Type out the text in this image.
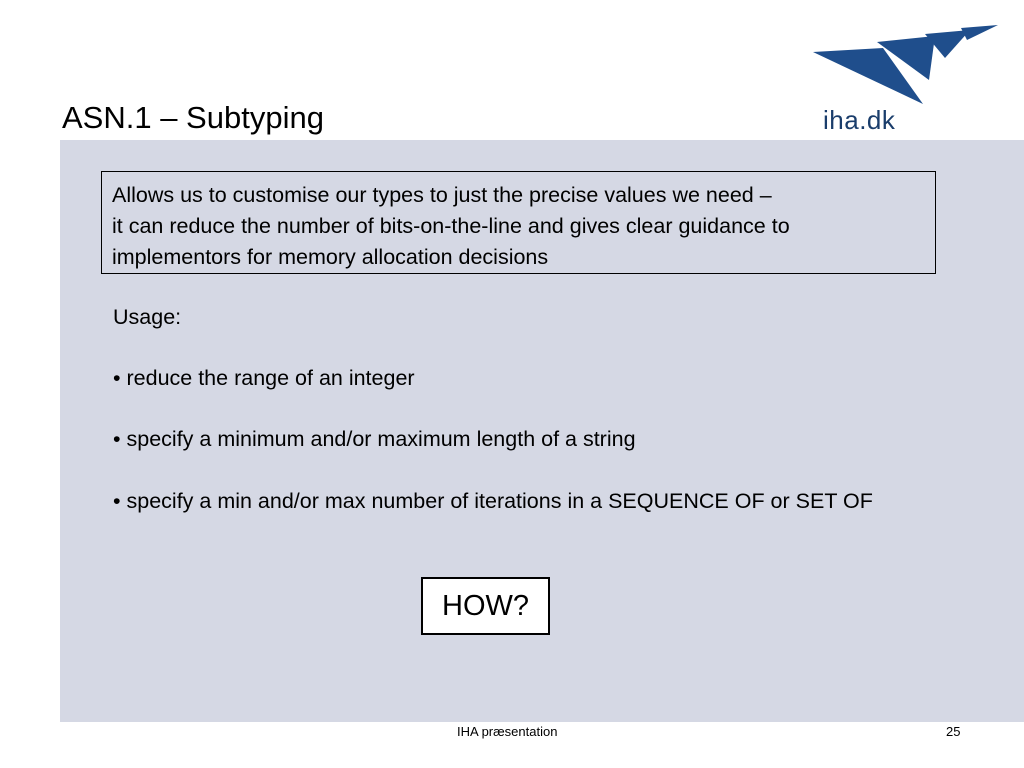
iha.dk
ASN.1 – Subtyping
Allows us to customise our types to just the precise values we need –
it can reduce the number of bits-on-the-line and gives clear guidance to
implementors for memory allocation decisions
Usage:
• reduce the range of an integer
• specify a minimum and/or maximum length of a string
• specify a min and/or max number of iterations in a SEQUENCE OF or SET OF
HOW?
IHA præsentation	25
